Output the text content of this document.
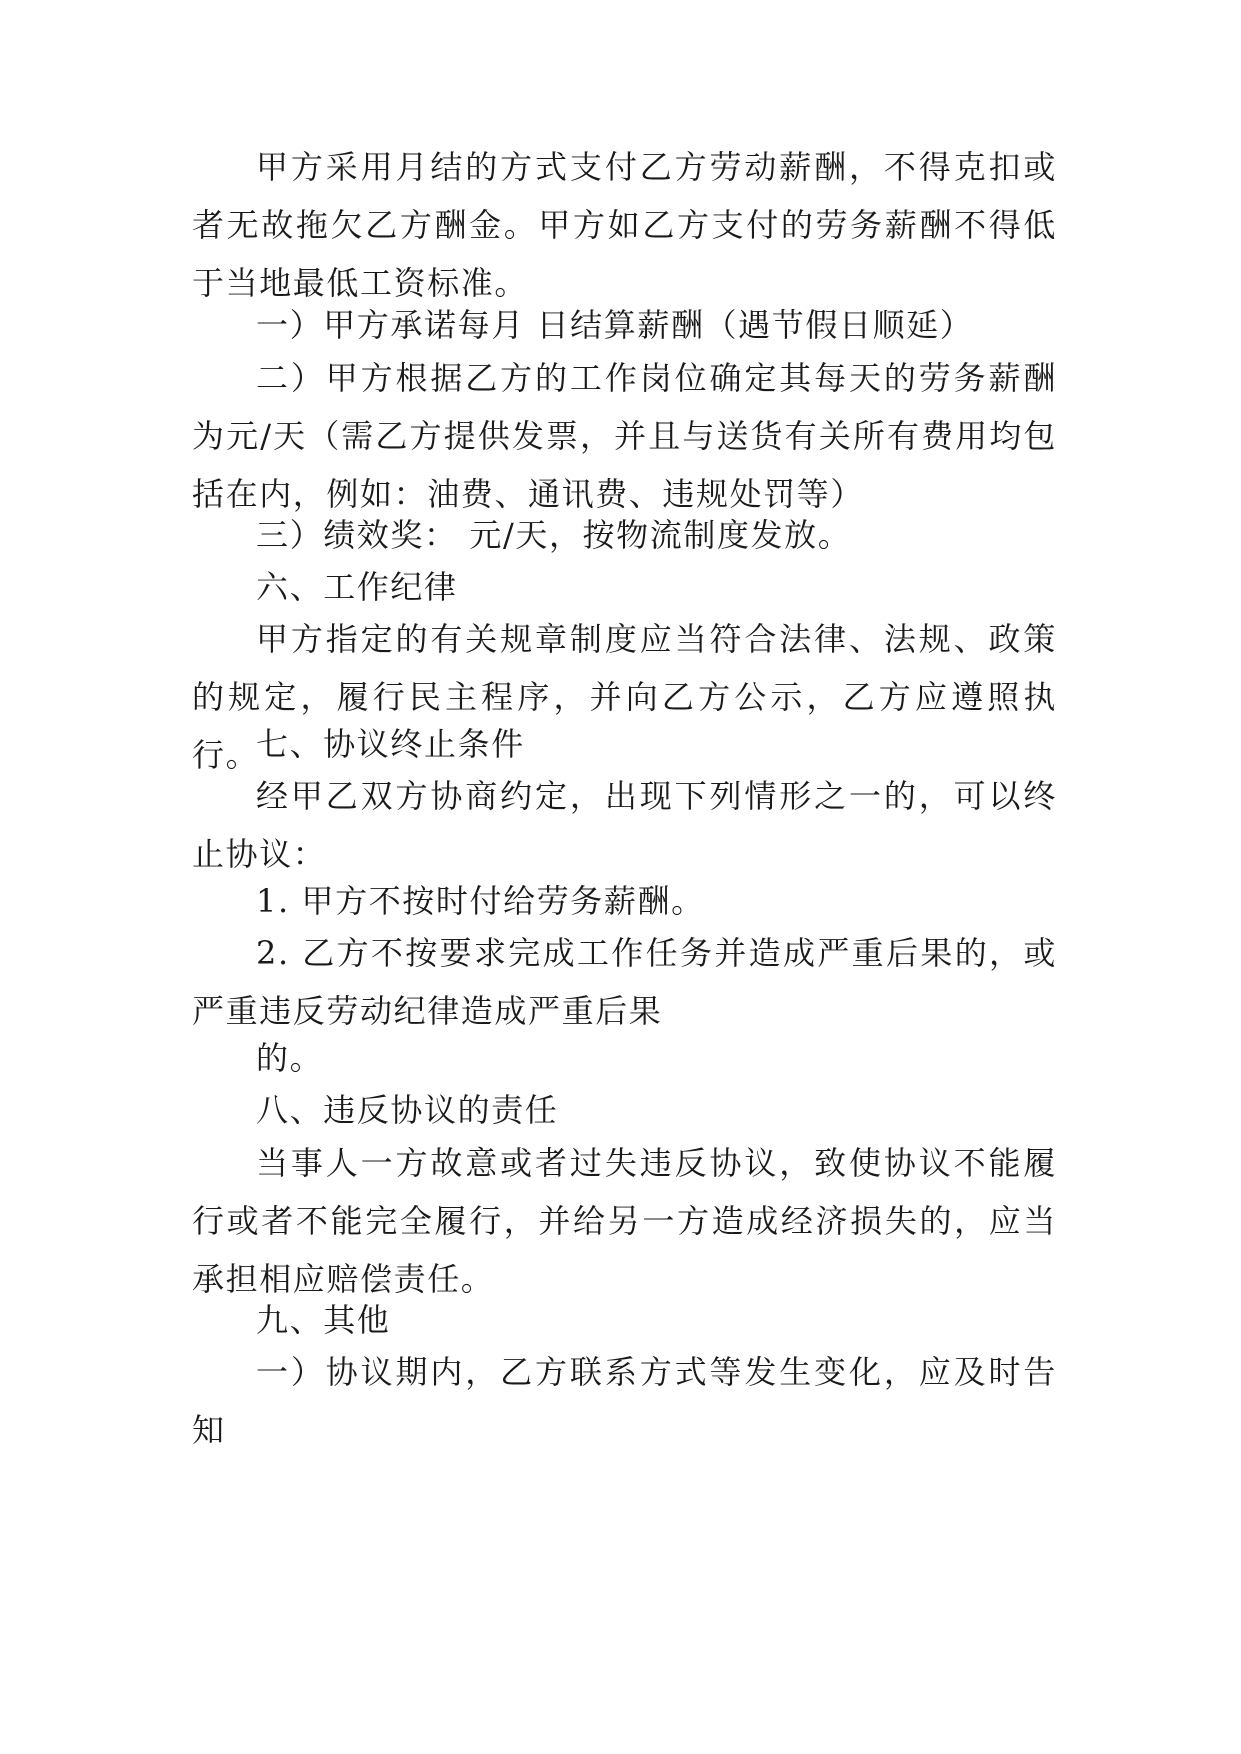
甲方采用月结的方式支付乙方劳动薪酬，不得克扣或者无故拖欠乙方酬金。甲方如乙方支付的劳务薪酬不得低于当地最低工资标准。

一）甲方承诺每月 日结算薪酬（遇节假日顺延）

二）甲方根据乙方的工作岗位确定其每天的劳务薪酬为元/天（需乙方提供发票，并且与送货有关所有费用均包括在内，例如：油费、通讯费、违规处罚等）

三）绩效奖： 元/天，按物流制度发放。

六、工作纪律

甲方指定的有关规章制度应当符合法律、法规、政策的规定，履行民主程序，并向乙方公示，乙方应遵照执行。

七、协议终止条件

经甲乙双方协商约定，出现下列情形之一的，可以终止协议：

1. 甲方不按时付给劳务薪酬。

2. 乙方不按要求完成工作任务并造成严重后果的，或严重违反劳动纪律造成严重后果

的。

八、违反协议的责任

当事人一方故意或者过失违反协议，致使协议不能履行或者不能完全履行，并给另一方造成经济损失的，应当承担相应赔偿责任。

九、其他

一）协议期内，乙方联系方式等发生变化，应及时告知
